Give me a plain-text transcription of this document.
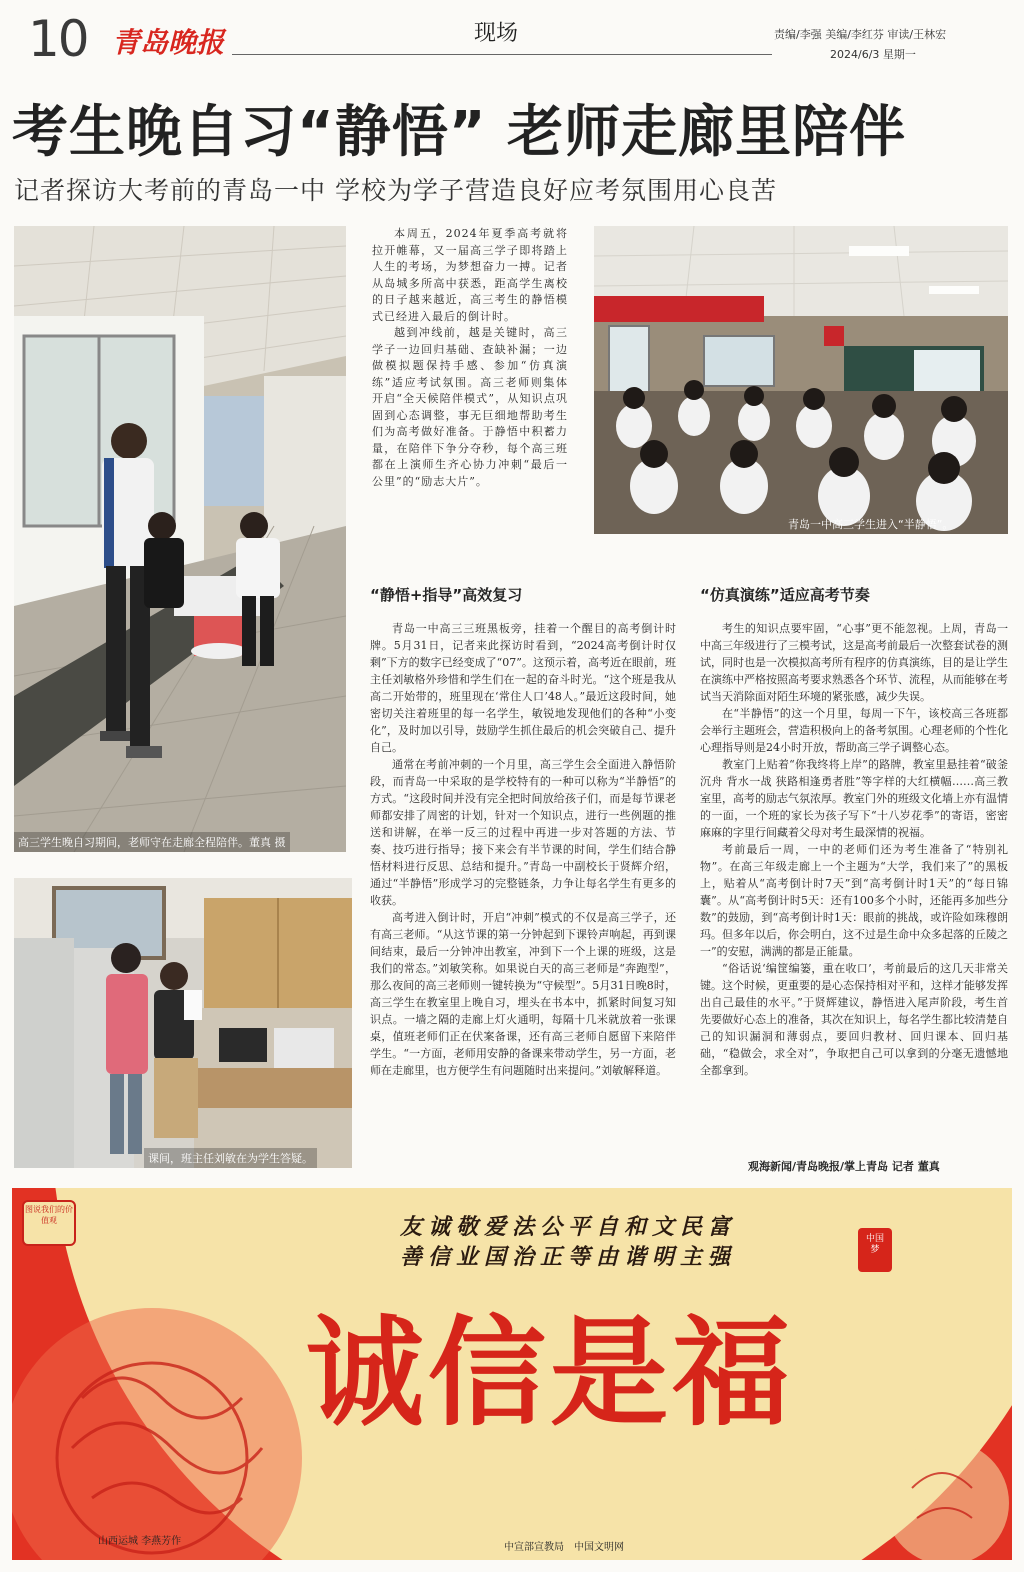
10 青岛晚报	现场	责编/李强 美编/李红芬 审读/王林宏
2024/6/3 星期一
考生晚自习“静悟” 老师走廊里陪伴
记者探访大考前的青岛一中 学校为学子营造良好应考氛围用心良苦
高三学生晚自习期间，老师守在走廊全程陪伴。董真 摄
课间，班主任刘敏在为学生答疑。

本周五，2024年夏季高考就将拉开帷幕，又一届高三学子即将踏上人生的考场，为梦想奋力一搏。记者从岛城多所高中获悉，距高学生离校的日子越来越近，高三考生的静悟模式已经进入最后的倒计时。

越到冲线前，越是关键时，高三学子一边回归基础、查缺补漏；一边做模拟题保持手感、参加“仿真演练”适应考试氛围。高三老师则集体开启“全天候陪伴模式”，从知识点巩固到心态调整，事无巨细地帮助考生们为高考做好准备。于静悟中积蓄力量，在陪伴下争分夺秒，每个高三班都在上演师生齐心协力冲刺“最后一公里”的“励志大片”。

青岛一中高三学生进入“半静悟”。
“静悟+指导”高效复习

青岛一中高三三班黑板旁，挂着一个醒目的高考倒计时牌。5月31日，记者来此探访时看到，“2024高考倒计时仅剩”下方的数字已经变成了“07”。这预示着，高考近在眼前，班主任刘敏格外珍惜和学生们在一起的奋斗时光。“这个班是我从高二开始带的，班里现在‘常住人口’48人。”最近这段时间，她密切关注着班里的每一名学生，敏锐地发现他们的各种“小变化”，及时加以引导，鼓励学生抓住最后的机会突破自己、提升自己。

通常在考前冲刺的一个月里，高三学生会全面进入静悟阶段，而青岛一中采取的是学校特有的一种可以称为“半静悟”的方式。“这段时间并没有完全把时间放给孩子们，而是每节课老师都安排了周密的计划，针对一个知识点，进行一些例题的推送和讲解，在举一反三的过程中再进一步对答题的方法、节奏、技巧进行指导；接下来会有半节课的时间，学生们结合静悟材料进行反思、总结和提升。”青岛一中副校长于贤辉介绍，通过“半静悟”形成学习的完整链条，力争让每名学生有更多的收获。

高考进入倒计时，开启“冲刺”模式的不仅是高三学子，还有高三老师。“从这节课的第一分钟起到下课铃声响起，再到课间结束，最后一分钟冲出教室，冲到下一个上课的班级，这是我们的常态。”刘敏笑称。如果说白天的高三老师是“奔跑型”，那么夜间的高三老师则一键转换为“守候型”。5月31日晚8时，高三学生在教室里上晚自习，埋头在书本中，抓紧时间复习知识点。一墙之隔的走廊上灯火通明，每隔十几米就放着一张课桌，值班老师们正在伏案备课，还有高三老师自愿留下来陪伴学生。“一方面，老师用安静的备课来带动学生，另一方面，老师在走廊里，也方便学生有问题随时出来提问。”刘敏解释道。

“仿真演练”适应高考节奏

考生的知识点要牢固，“心事”更不能忽视。上周，青岛一中高三年级进行了三模考试，这是高考前最后一次整套试卷的测试，同时也是一次模拟高考所有程序的仿真演练，目的是让学生在演练中严格按照高考要求熟悉各个环节、流程，从而能够在考试当天消除面对陌生环境的紧张感，减少失误。

在“半静悟”的这一个月里，每周一下午，该校高三各班都会举行主题班会，营造积极向上的备考氛围。心理老师的个性化心理指导则是24小时开放，帮助高三学子调整心态。

教室门上贴着“你我终将上岸”的路牌，教室里悬挂着“破釜沉舟 背水一战 狭路相逢勇者胜”等字样的大红横幅……高三教室里，高考的励志气氛浓厚。教室门外的班级文化墙上亦有温情的一面，一个班的家长为孩子写下“十八岁花季”的寄语，密密麻麻的字里行间藏着父母对考生最深情的祝福。

考前最后一周，一中的老师们还为考生准备了“特别礼物”。在高三年级走廊上一个主题为“大学，我们来了”的黑板上，贴着从“高考倒计时7天”到“高考倒计时1天”的“每日锦囊”。从“高考倒计时5天：还有100多个小时，还能再多加些分数”的鼓励，到“高考倒计时1天：眼前的挑战，或许险如珠穆朗玛。但多年以后，你会明白，这不过是生命中众多起落的丘陵之一”的安慰，满满的都是正能量。

“俗话说‘编筐编篓，重在收口’，考前最后的这几天非常关键。这个时候，更重要的是心态保持相对平和，这样才能够发挥出自己最佳的水平。”于贤辉建议，静悟进入尾声阶段，考生首先要做好心态上的准备，其次在知识上，每名学生都比较清楚自己的知识漏洞和薄弱点，要回归教材、回归课本、回归基础，“稳做会，求全对”，争取把自己可以拿到的分毫无遗憾地全都拿到。

观海新闻/青岛晚报/掌上青岛 记者 董真
图说我们的价值观	友诚敬爱法公平自和文民富
善信业国治正等由谐明主强
中国梦
诚信是福
山西运城 李燕芳作
中宣部宣教局　中国文明网
